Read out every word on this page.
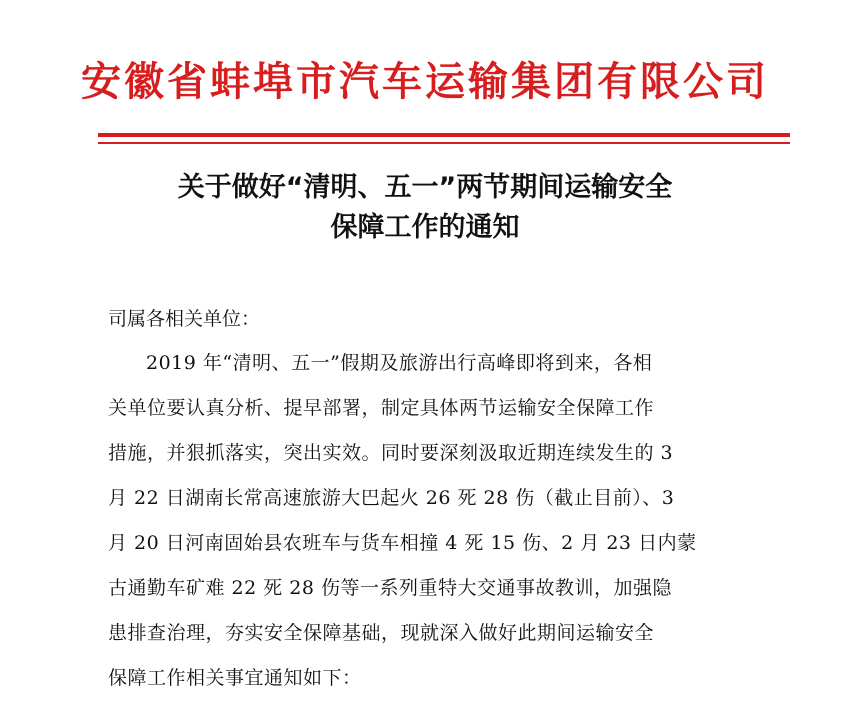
安徽省蚌埠市汽车运输集团有限公司
关于做好“清明、五一”两节期间运输安全
保障工作的通知
司属各相关单位：
2019 年“清明、五一”假期及旅游出行高峰即将到来，各相
关单位要认真分析、提早部署，制定具体两节运输安全保障工作
措施，并狠抓落实，突出实效。同时要深刻汲取近期连续发生的 3
月 22 日湖南长常高速旅游大巴起火 26 死 28 伤（截止目前）、3
月 20 日河南固始县农班车与货车相撞 4 死 15 伤、2 月 23 日内蒙
古通勤车矿难 22 死 28 伤等一系列重特大交通事故教训，加强隐
患排查治理，夯实安全保障基础，现就深入做好此期间运输安全
保障工作相关事宜通知如下：
